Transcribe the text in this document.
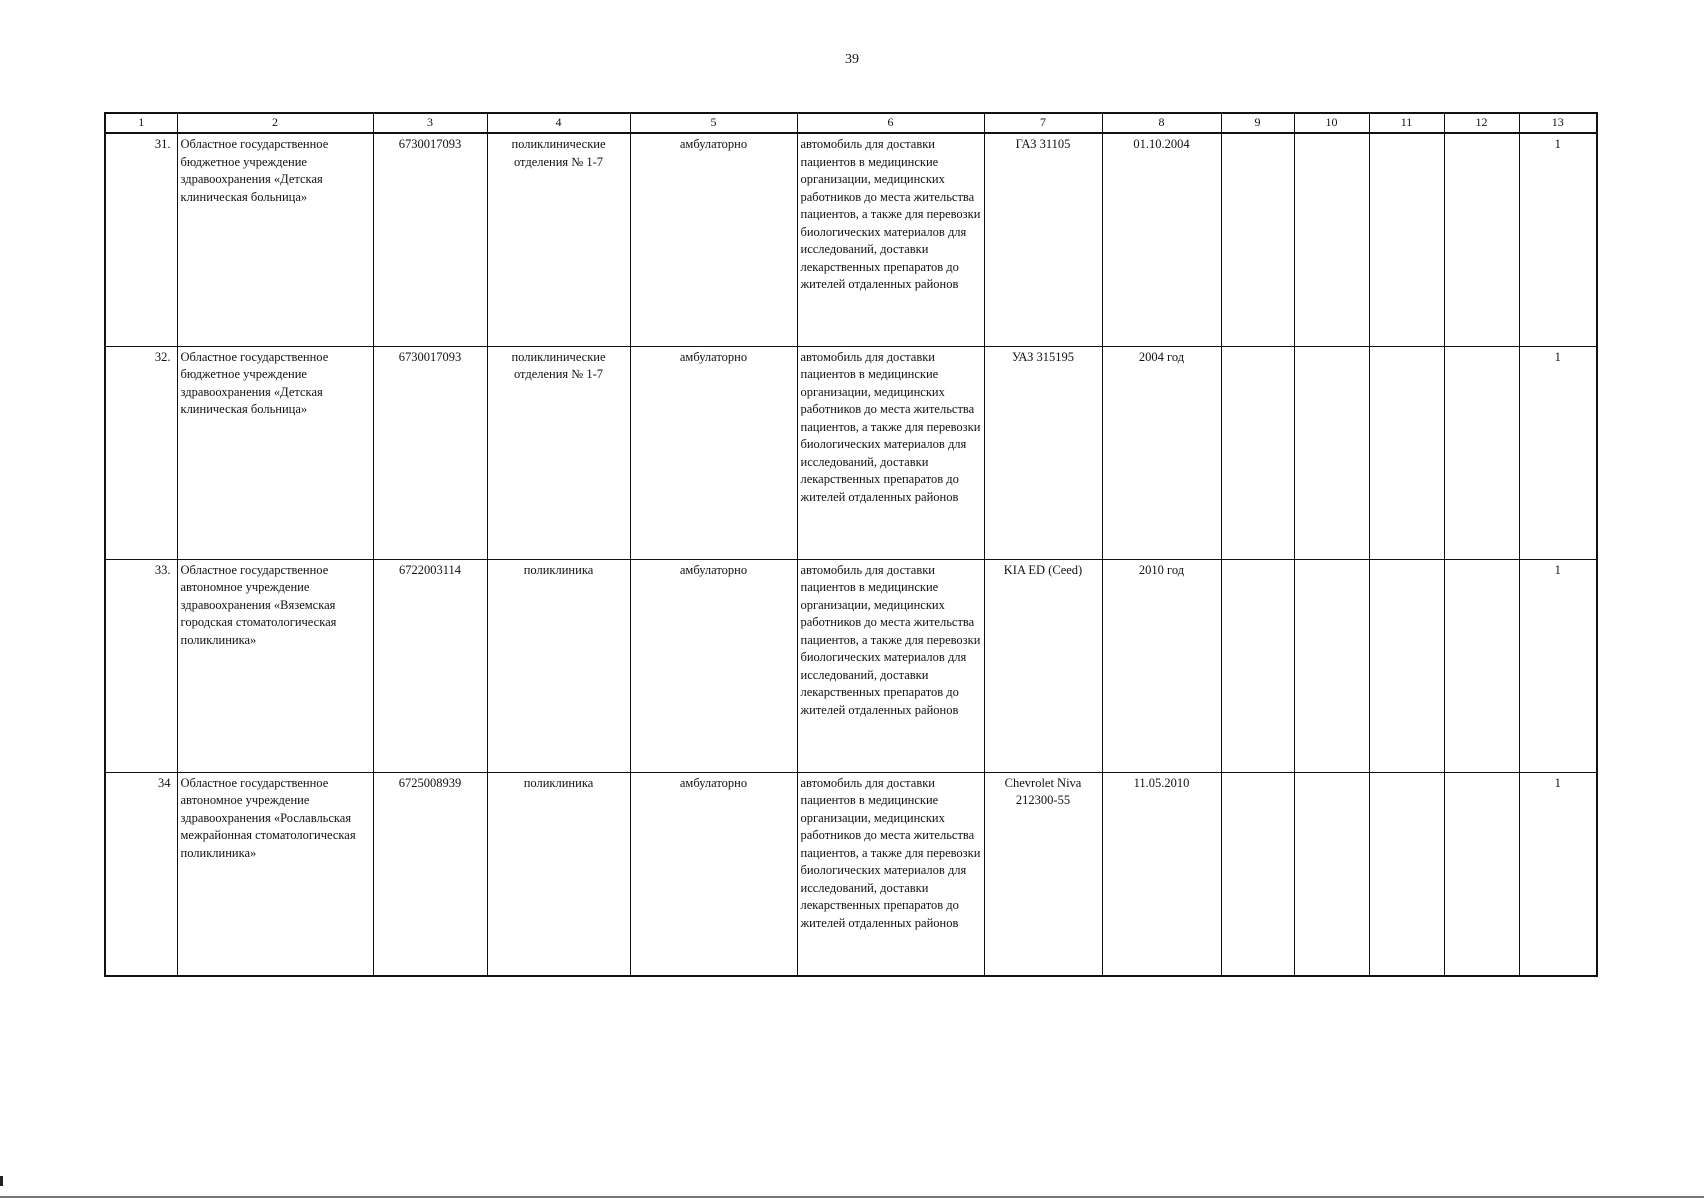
39
1	2	3	4	5	6	7	8	9	10	11	12	13
31.	Областное государственное бюджетное учреждение здравоохранения «Детская клиническая больница»	6730017093	поликлинические отделения № 1-7	амбулаторно	автомобиль для доставки пациентов в медицинские организации, медицинских работников до места жительства пациентов, а также для перевозки биологических материалов для исследований, доставки лекарственных препаратов до жителей отдаленных районов	ГАЗ 31105	01.10.2004					1
32.	Областное государственное бюджетное учреждение здравоохранения «Детская клиническая больница»	6730017093	поликлинические отделения № 1-7	амбулаторно	автомобиль для доставки пациентов в медицинские организации, медицинских работников до места жительства пациентов, а также для перевозки биологических материалов для исследований, доставки лекарственных препаратов до жителей отдаленных районов	УАЗ 315195	2004 год					1
33.	Областное государственное автономное учреждение здравоохранения «Вяземская городская стоматологическая поликлиника»	6722003114	поликлиника	амбулаторно	автомобиль для доставки пациентов в медицинские организации, медицинских работников до места жительства пациентов, а также для перевозки биологических материалов для исследований, доставки лекарственных препаратов до жителей отдаленных районов	KIA ED (Ceed)	2010 год					1
34	Областное государственное автономное учреждение здравоохранения «Рославльская межрайонная стоматологическая поликлиника»	6725008939	поликлиника	амбулаторно	автомобиль для доставки пациентов в медицинские организации, медицинских работников до места жительства пациентов, а также для перевозки биологических материалов для исследований, доставки лекарственных препаратов до жителей отдаленных районов	Chevrolet Niva 212300-55	11.05.2010					1
